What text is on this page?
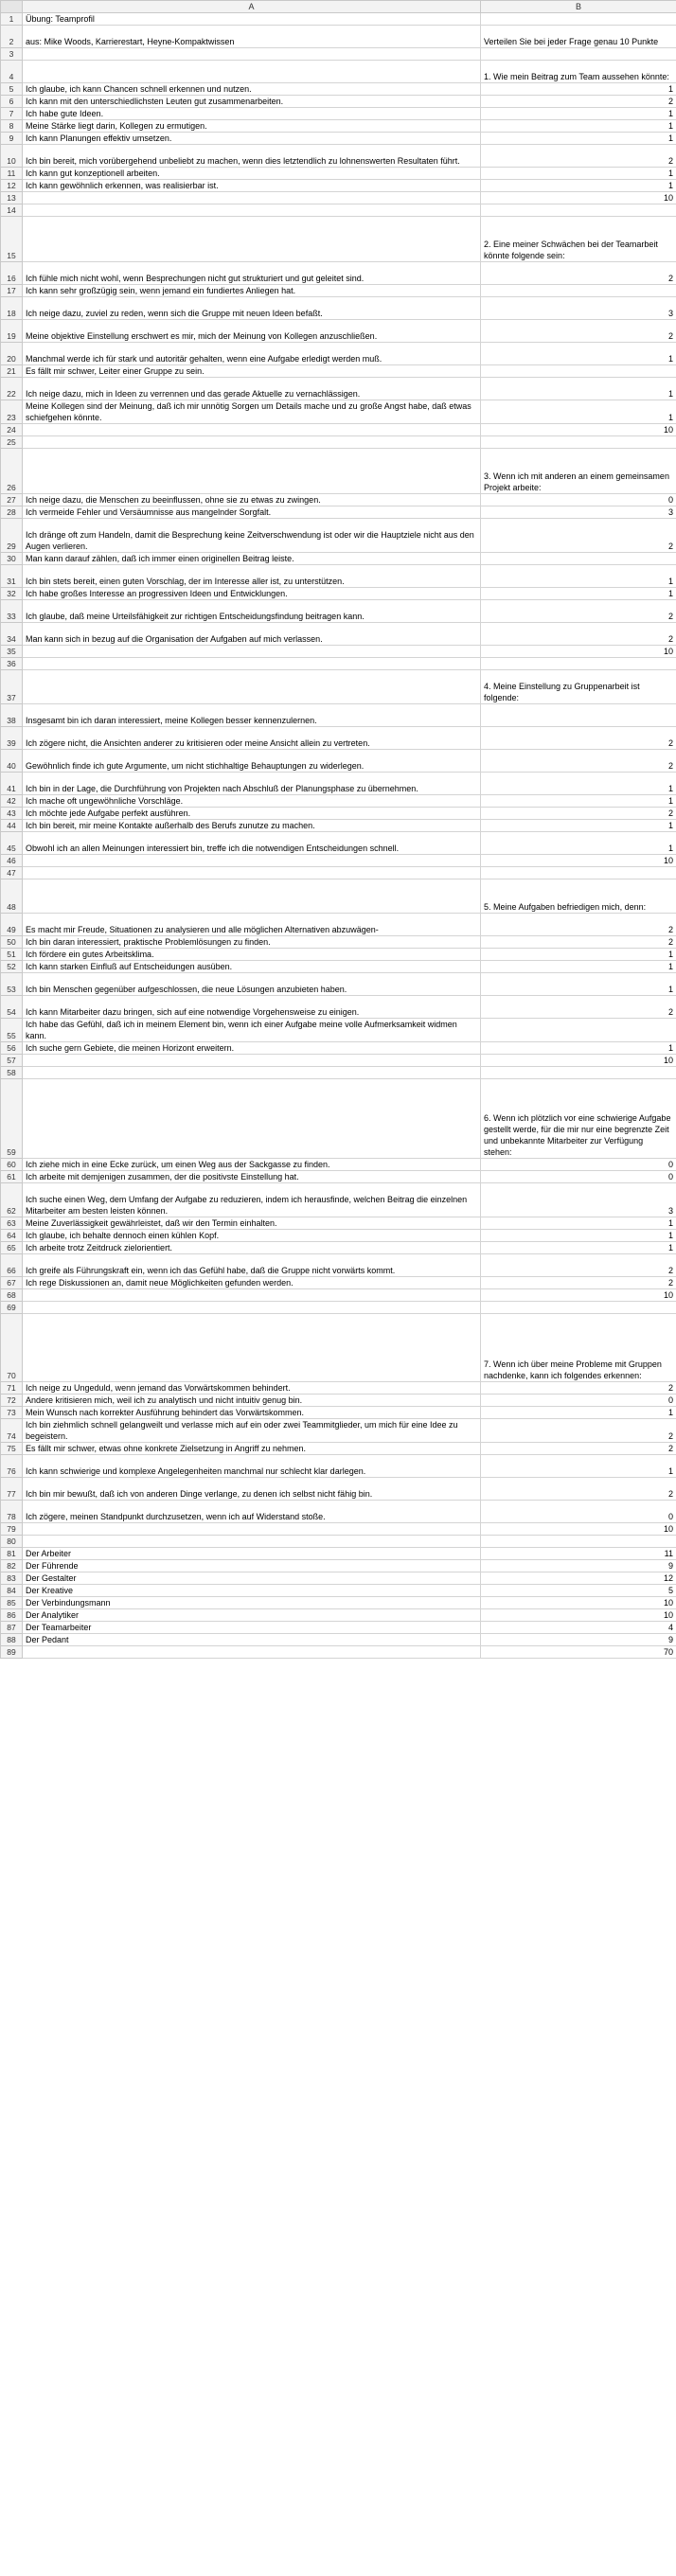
	A	B
1	Übung: Teamprofil	
2	aus: Mike Woods, Karrierestart, Heyne-Kompaktwissen	Verteilen Sie bei jeder Frage genau 10 Punkte
3		
4		1. Wie mein Beitrag zum Team aussehen könnte:
5	Ich glaube, ich kann Chancen schnell erkennen und nutzen.	1
6	Ich kann mit den unterschiedlichsten Leuten gut zusammenarbeiten.	2
7	Ich habe gute Ideen.	1
8	Meine Stärke liegt darin, Kollegen zu ermutigen.	1
9	Ich kann Planungen effektiv umsetzen.	1
10	Ich bin bereit, mich vorübergehend unbeliebt zu machen, wenn dies letztendlich zu lohnenswerten Resultaten führt.	2
11	Ich kann gut konzeptionell arbeiten.	1
12	Ich kann gewöhnlich erkennen, was realisierbar ist.	1
13		10
14		
15		2. Eine meiner Schwächen bei der Teamarbeit könnte folgende sein:
16	Ich fühle mich nicht wohl, wenn Besprechungen nicht gut strukturiert und gut geleitet sind.	2
17	Ich kann sehr großzügig sein, wenn jemand ein fundiertes Anliegen hat.	
18	Ich neige dazu, zuviel zu reden, wenn sich die Gruppe mit neuen Ideen befaßt.	3
19	Meine objektive Einstellung erschwert es mir, mich der Meinung von Kollegen anzuschließen.	2
20	Manchmal werde ich für stark und autoritär gehalten, wenn eine Aufgabe erledigt werden muß.	1
21	Es fällt mir schwer, Leiter einer Gruppe zu sein.	
22	Ich neige dazu, mich in Ideen zu verrennen und das gerade Aktuelle zu vernachlässigen.	1
23	Meine Kollegen sind der Meinung, daß ich mir unnötig Sorgen um Details mache und zu große Angst habe, daß etwas schiefgehen könnte.	1
24		10
25		
26		3. Wenn ich mit anderen an einem gemeinsamen Projekt arbeite:
27	Ich neige dazu, die Menschen zu beeinflussen, ohne sie zu etwas zu zwingen.	0
28	Ich vermeide Fehler und Versäumnisse aus mangelnder Sorgfalt.	3
29	Ich dränge oft zum Handeln, damit die Besprechung keine Zeitverschwendung ist oder wir die Hauptziele nicht aus den Augen verlieren.	2
30	Man kann darauf zählen, daß ich immer einen originellen Beitrag leiste.	
31	Ich bin stets bereit, einen guten Vorschlag, der im Interesse aller ist, zu unterstützen.	1
32	Ich habe großes Interesse an progressiven Ideen und Entwicklungen.	1
33	Ich glaube, daß meine Urteilsfähigkeit zur richtigen Entscheidungsfindung beitragen kann.	2
34	Man kann sich in bezug auf die Organisation der Aufgaben auf mich verlassen.	2
35		10
36		
37		4. Meine Einstellung zu Gruppenarbeit ist folgende:
38	Insgesamt bin ich daran interessiert, meine Kollegen besser kennenzulernen.	
39	Ich zögere nicht, die Ansichten anderer zu kritisieren oder meine Ansicht allein zu vertreten.	2
40	Gewöhnlich finde ich gute Argumente, um nicht stichhaltige Behauptungen zu widerlegen.	2
41	Ich bin in der Lage, die Durchführung von Projekten nach Abschluß der Planungsphase zu übernehmen.	1
42	Ich mache oft ungewöhnliche Vorschläge.	1
43	Ich möchte jede Aufgabe perfekt ausführen.	2
44	Ich bin bereit, mir meine Kontakte außerhalb des Berufs zunutze zu machen.	1
45	Obwohl ich an allen Meinungen interessiert bin, treffe ich die notwendigen Entscheidungen schnell.	1
46		10
47		
48		5. Meine Aufgaben befriedigen mich, denn:
49	Es macht mir Freude, Situationen zu analysieren und alle möglichen Alternativen abzuwägen-	2
50	Ich bin daran interessiert, praktische Problemlösungen zu finden.	2
51	Ich fördere ein gutes Arbeitsklima.	1
52	Ich kann starken Einfluß auf Entscheidungen ausüben.	1
53	Ich bin Menschen gegenüber aufgeschlossen, die neue Lösungen anzubieten haben.	1
54	Ich kann Mitarbeiter dazu bringen, sich auf eine notwendige Vorgehensweise zu einigen.	2
55	Ich habe das Gefühl, daß ich in meinem Element bin, wenn ich einer Aufgabe meine volle Aufmerksamkeit widmen kann.	
56	Ich suche gern Gebiete, die meinen Horizont erweitern.	1
57		10
58		
59		6. Wenn ich plötzlich vor eine schwierige Aufgabe gestellt werde, für die mir nur eine begrenzte Zeit und unbekannte Mitarbeiter zur Verfügung stehen:
60	Ich ziehe mich in eine Ecke zurück, um einen Weg aus der Sackgasse zu finden.	0
61	Ich arbeite mit demjenigen zusammen, der die positivste Einstellung hat.	0
62	Ich suche einen Weg, dem Umfang der Aufgabe zu reduzieren, indem ich herausfinde, welchen Beitrag die einzelnen Mitarbeiter am besten leisten können.	3
63	Meine Zuverlässigkeit gewährleistet, daß wir den Termin einhalten.	1
64	Ich glaube, ich behalte dennoch einen kühlen Kopf.	1
65	Ich arbeite trotz Zeitdruck zielorientiert.	1
66	Ich greife als Führungskraft ein, wenn ich das Gefühl habe, daß die Gruppe nicht vorwärts kommt.	2
67	Ich rege Diskussionen an, damit neue Möglichkeiten gefunden werden.	2
68		10
69		
70		7. Wenn ich über meine Probleme mit Gruppen nachdenke, kann ich folgendes erkennen:
71	Ich neige zu Ungeduld, wenn jemand das Vorwärtskommen behindert.	2
72	Andere kritisieren mich, weil ich zu analytisch und nicht intuitiv genug bin.	0
73	Mein Wunsch nach korrekter Ausführung behindert das Vorwärtskommen.	1
74	Ich bin ziehmlich schnell gelangweilt und verlasse mich auf ein oder zwei Teammitglieder, um mich für eine Idee zu begeistern.	2
75	Es fällt mir schwer, etwas ohne konkrete Zielsetzung in Angriff zu nehmen.	2
76	Ich kann schwierige und komplexe Angelegenheiten manchmal nur schlecht klar darlegen.	1
77	Ich bin mir bewußt, daß ich von anderen Dinge verlange, zu denen ich selbst nicht fähig bin.	2
78	Ich zögere, meinen Standpunkt durchzusetzen, wenn ich auf Widerstand stoße.	0
79		10
80		
81	Der Arbeiter	11
82	Der Führende	9
83	Der Gestalter	12
84	Der Kreative	5
85	Der Verbindungsmann	10
86	Der Analytiker	10
87	Der Teamarbeiter	4
88	Der Pedant	9
89		70
